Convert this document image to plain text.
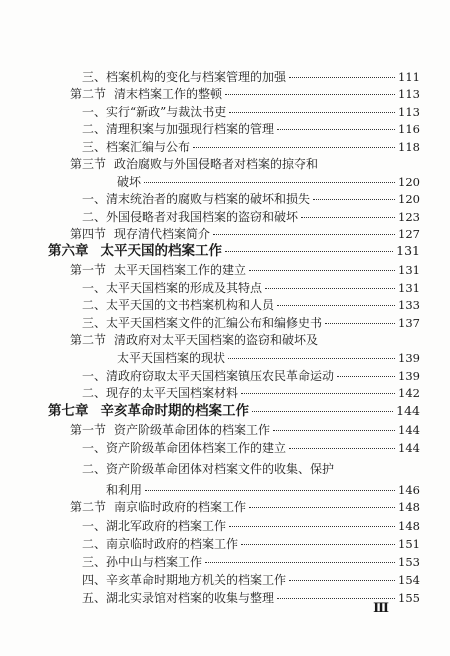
三、 档案机构的变化与档案管理的加强	111
第二节 清末档案工作的整顿	113
一、 实行“新政”与裁汰书吏	113
二、 清理积案与加强现行档案的管理	116
三、 档案汇编与公布	118
第三节 政治腐败与外国侵略者对档案的掠夺和
破坏	120
一、 清末统治者的腐败与档案的破坏和损失	120
二、 外国侵略者对我国档案的盗窃和破坏	123
第四节 现存清代档案简介	127
第六章 太平天国的档案工作	131
第一节 太平天国档案工作的建立	131
一、 太平天国档案的形成及其特点	131
二、 太平天国的文书档案机构和人员	133
三、 太平天国档案文件的汇编公布和编修史书	137
第二节 清政府对太平天国档案的盗窃和破坏及
太平天国档案的现状	139
一、 清政府窃取太平天国档案镇压农民革命运动	139
二、 现存的太平天国档案材料	142
第七章 辛亥革命时期的档案工作	144
第一节 资产阶级革命团体的档案工作	144
一、 资产阶级革命团体档案工作的建立	144
二、 资产阶级革命团体对档案文件的收集、保护
和利用	146
第二节 南京临时政府的档案工作	148
一、 湖北军政府的档案工作	148
二、 南京临时政府的档案工作	151
三、 孙中山与档案工作	153
四、 辛亥革命时期地方机关的档案工作	154
五、 湖北实录馆对档案的收集与整理	155
Ⅲ
